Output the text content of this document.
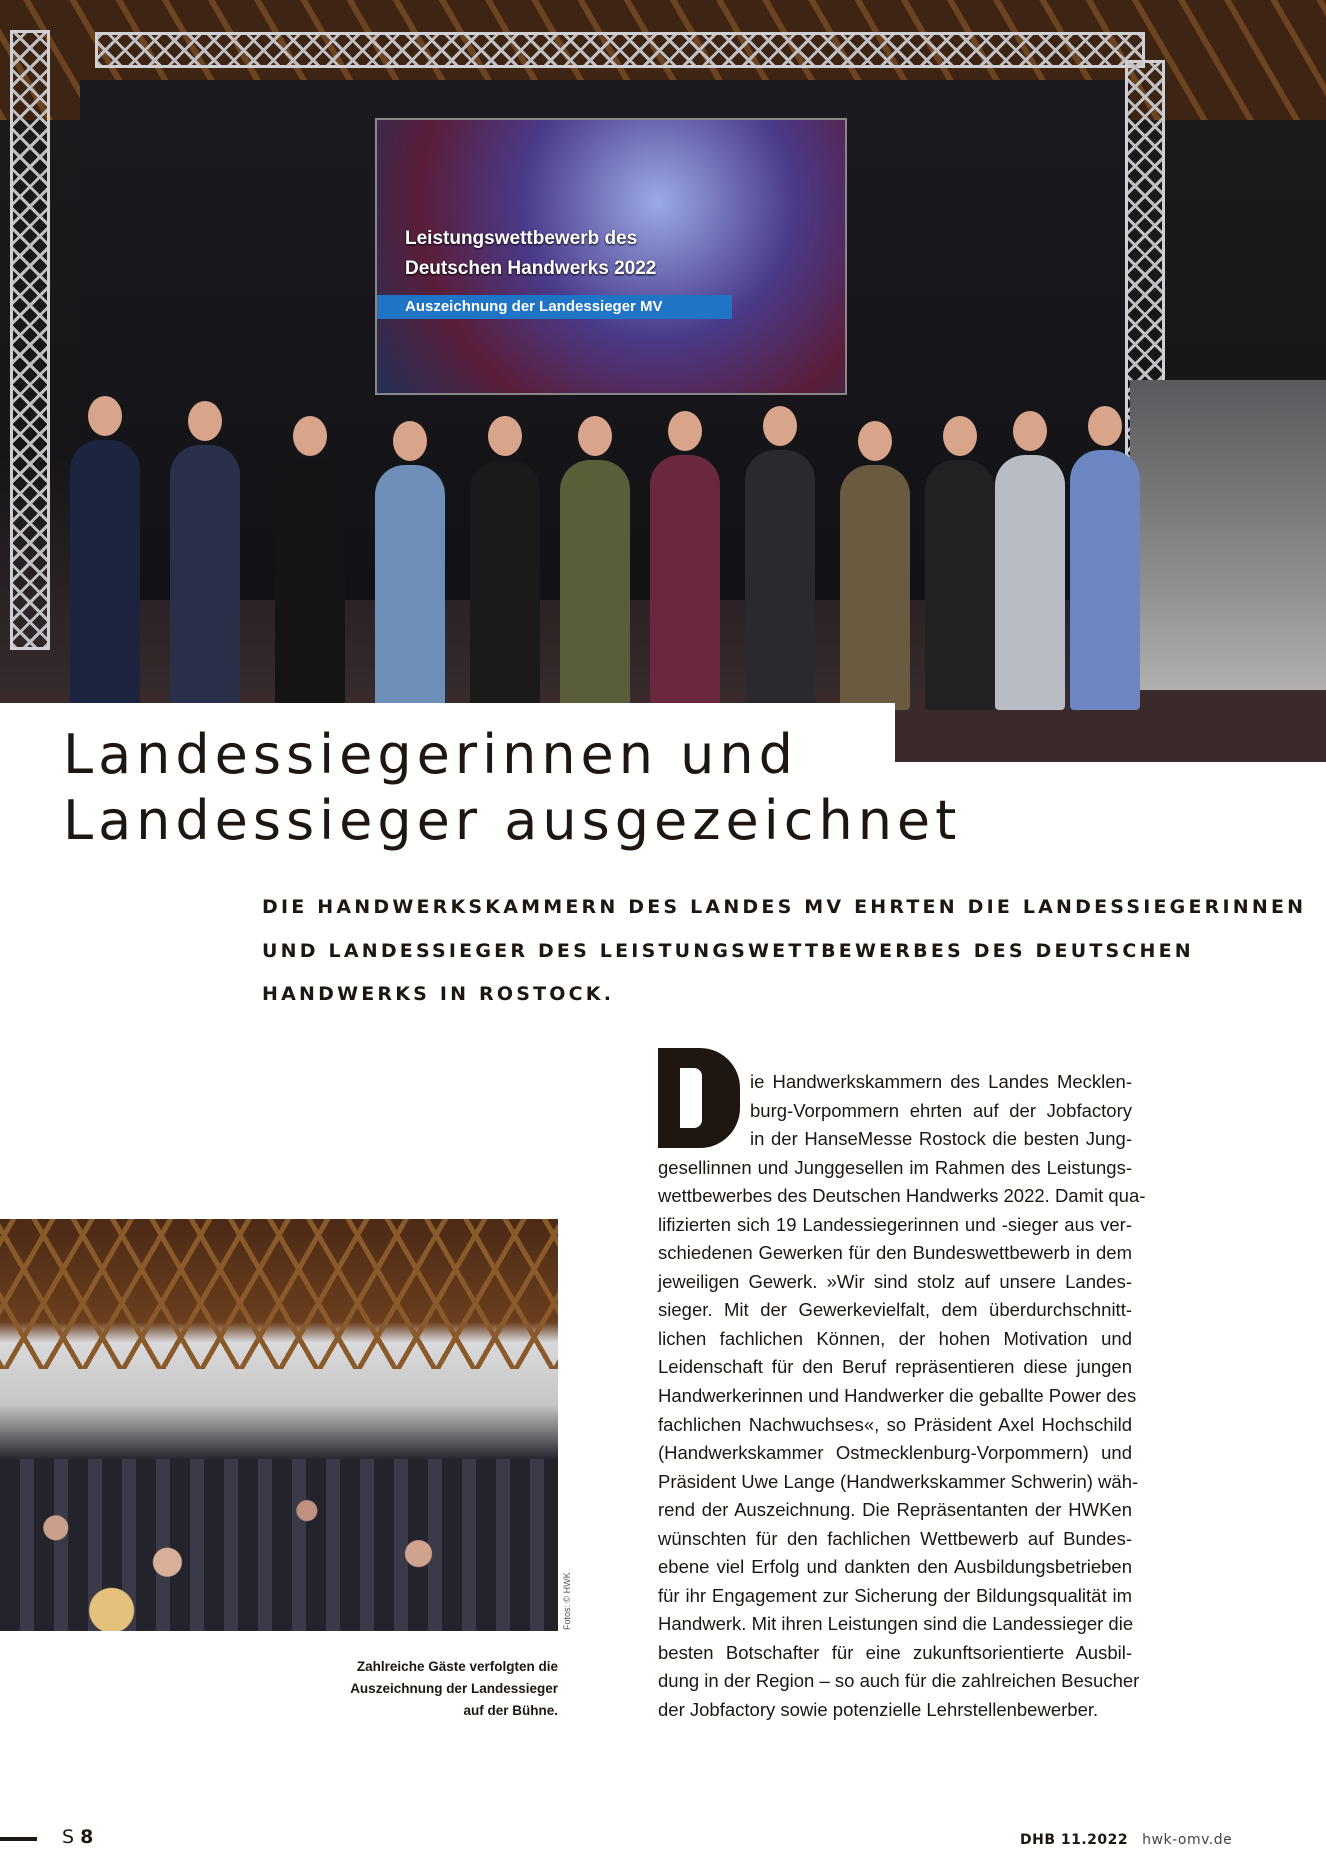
Leistungswettbewerb des
Deutschen Handwerks 2022
Auszeichnung der Landessieger MV
Landessiegerinnen und
Landessieger ausgezeichnet
DIE HANDWERKSKAMMERN DES LANDES MV EHRTEN DIE LANDESSIEGERINNEN
UND LANDESSIEGER DES LEISTUNGSWETTBEWERBES DES DEUTSCHEN
HANDWERKS IN ROSTOCK.
ie Handwerkskammern des Landes Mecklen-
burg-Vorpommern ehrten auf der Jobfactory
in der HanseMesse Rostock die besten Jung-
gesellinnen und Junggesellen im Rahmen des Leistungs-
wettbewerbes des Deutschen Handwerks 2022. Damit qua-
lifizierten sich 19 Landessiegerinnen und -sieger aus ver-
schiedenen Gewerken für den Bundeswettbewerb in dem
jeweiligen Gewerk. »Wir sind stolz auf unsere Landes-
sieger. Mit der Gewerkevielfalt, dem überdurchschnitt-
lichen fachlichen Können, der hohen Motivation und
Leidenschaft für den Beruf repräsentieren diese jungen
Handwerkerinnen und Handwerker die geballte Power des
fachlichen Nachwuchses«, so Präsident Axel Hochschild
(Handwerkskammer Ostmecklenburg-Vorpommern) und
Präsident Uwe Lange (Handwerkskammer Schwerin) wäh-
rend der Auszeichnung. Die Repräsentanten der HWKen
wünschten für den fachlichen Wettbewerb auf Bundes-
ebene viel Erfolg und dankten den Ausbildungsbetrieben
für ihr Engagement zur Sicherung der Bildungsqualität im
Handwerk. Mit ihren Leistungen sind die Landessieger die
besten Botschafter für eine zukunftsorientierte Ausbil-
dung in der Region – so auch für die zahlreichen Besucher
der Jobfactory sowie potenzielle Lehrstellenbewerber.
Fotos: © HWK
Zahlreiche Gäste verfolgten die
Auszeichnung der Landessieger
auf der Bühne.
S 8	DHB 11.2022 hwk-omv.de
